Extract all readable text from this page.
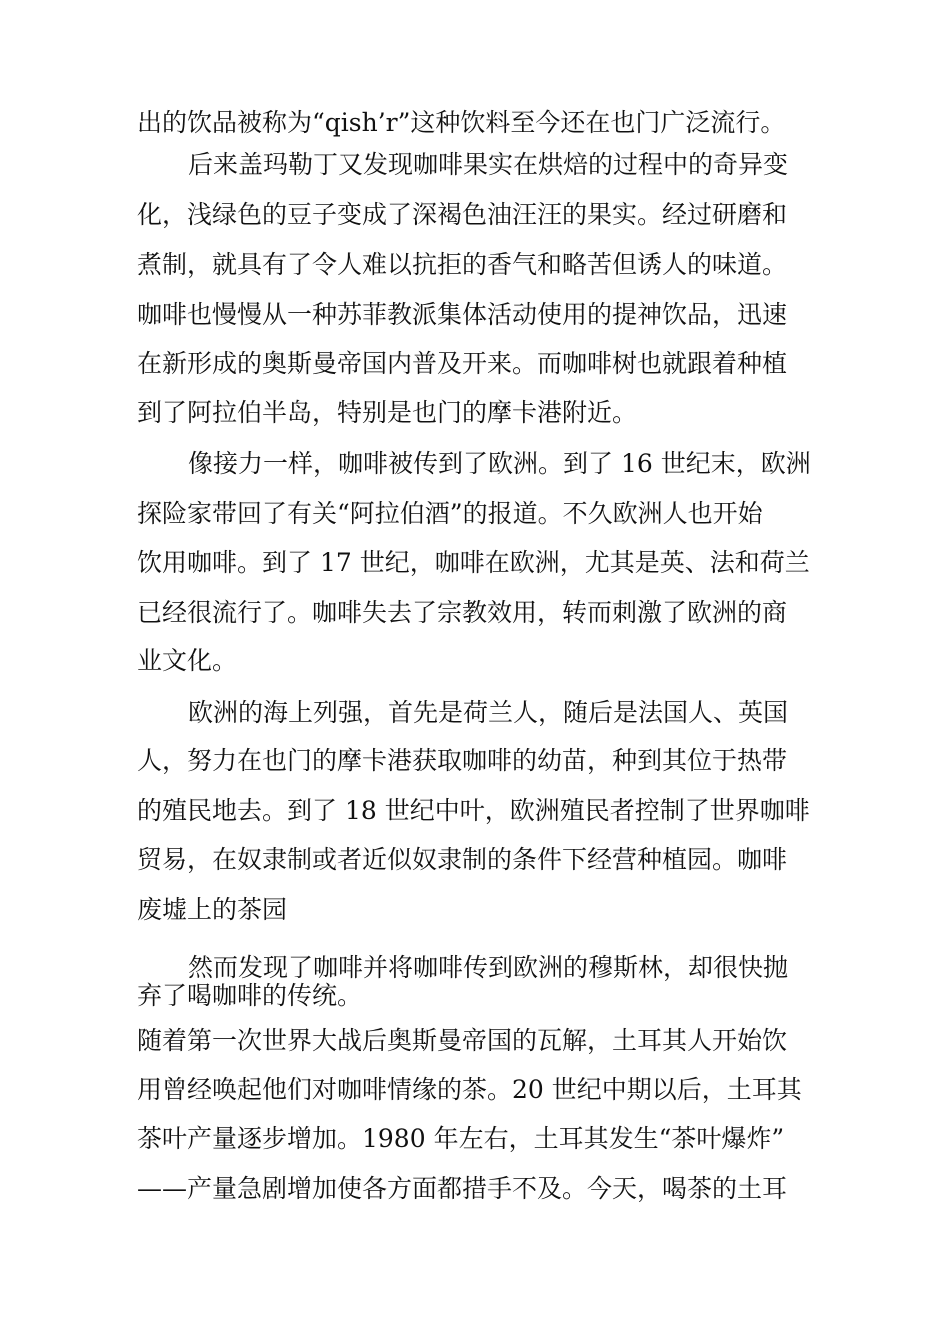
出的饮品被称为“qish’r”这种饮料至今还在也门广泛流行。
后来盖玛勒丁又发现咖啡果实在烘焙的过程中的奇异变
化，浅绿色的豆子变成了深褐色油汪汪的果实。经过研磨和
煮制，就具有了令人难以抗拒的香气和略苦但诱人的味道。
咖啡也慢慢从一种苏菲教派集体活动使用的提神饮品，迅速
在新形成的奥斯曼帝国内普及开来。而咖啡树也就跟着种植
到了阿拉伯半岛，特别是也门的摩卡港附近。
像接力一样，咖啡被传到了欧洲。到了 16 世纪末，欧洲
探险家带回了有关“阿拉伯酒”的报道。不久欧洲人也开始
饮用咖啡。到了 17 世纪，咖啡在欧洲，尤其是英、法和荷兰
已经很流行了。咖啡失去了宗教效用，转而刺激了欧洲的商
业文化。
欧洲的海上列强，首先是荷兰人，随后是法国人、英国
人，努力在也门的摩卡港获取咖啡的幼苗，种到其位于热带
的殖民地去。到了 18 世纪中叶，欧洲殖民者控制了世界咖啡
贸易，在奴隶制或者近似奴隶制的条件下经营种植园。咖啡
废墟上的茶园
然而发现了咖啡并将咖啡传到欧洲的穆斯林，却很快抛
弃了喝咖啡的传统。
随着第一次世界大战后奥斯曼帝国的瓦解，土耳其人开始饮
用曾经唤起他们对咖啡情缘的茶。20 世纪中期以后，土耳其
茶叶产量逐步增加。1980 年左右，土耳其发生“茶叶爆炸”
——产量急剧增加使各方面都措手不及。今天，喝茶的土耳
